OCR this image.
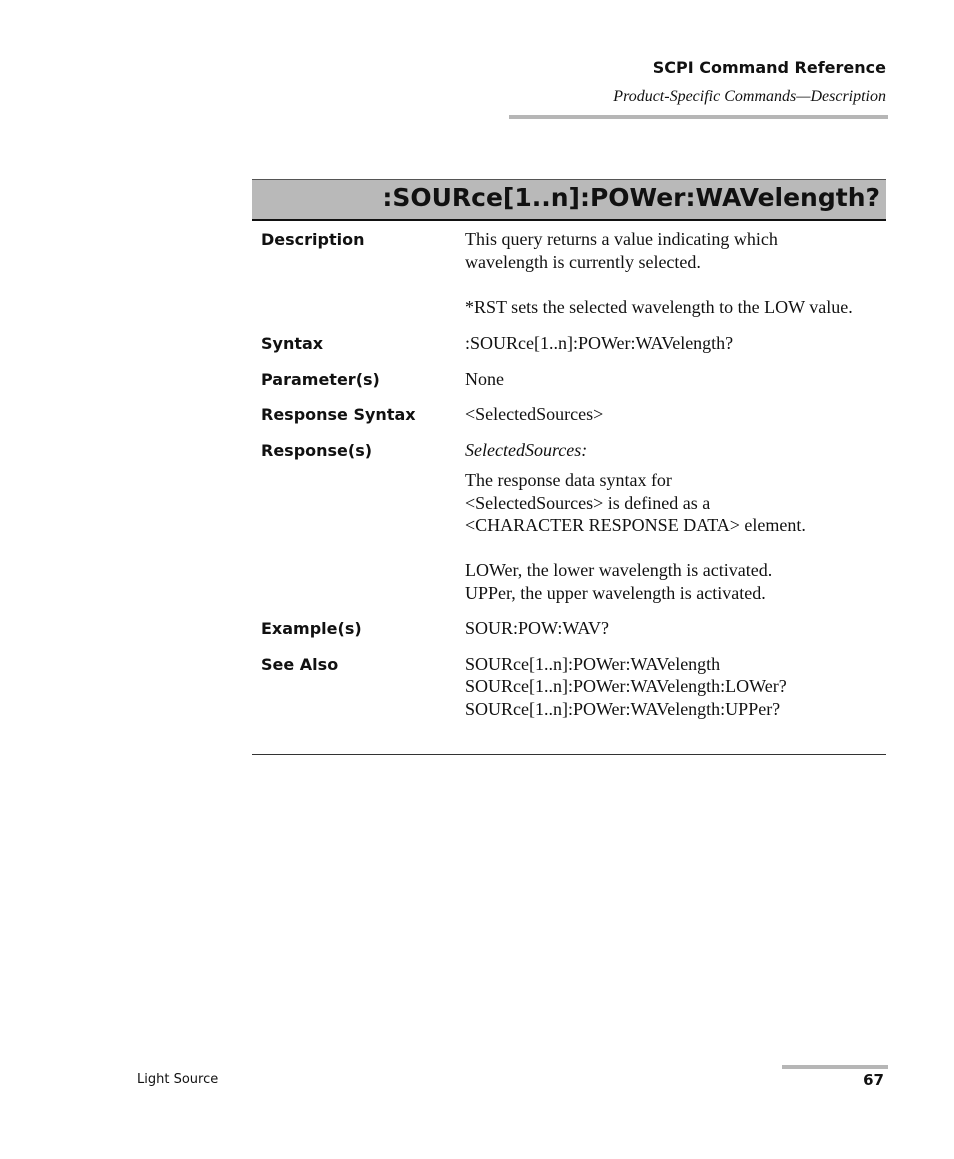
SCPI Command Reference
Product-Specific Commands—Description
:SOURce[1..n]:POWer:WAVelength?
Description	This query returns a value indicating which wavelength is currently selected.

*RST sets the selected wavelength to the LOW value.

Syntax	:SOURce[1..n]:POWer:WAVelength?
Parameter(s)	None
Response Syntax	<SelectedSources>
Response(s)	SelectedSources:

The response data syntax for

<SelectedSources> is defined as a

<CHARACTER RESPONSE DATA> element.

LOWer, the lower wavelength is activated.

UPPer, the upper wavelength is activated.

Example(s)	SOUR:POW:WAV?
See Also	SOURce[1..n]:POWer:WAVelength

SOURce[1..n]:POWer:WAVelength:LOWer?

SOURce[1..n]:POWer:WAVelength:UPPer?

Light Source	67
